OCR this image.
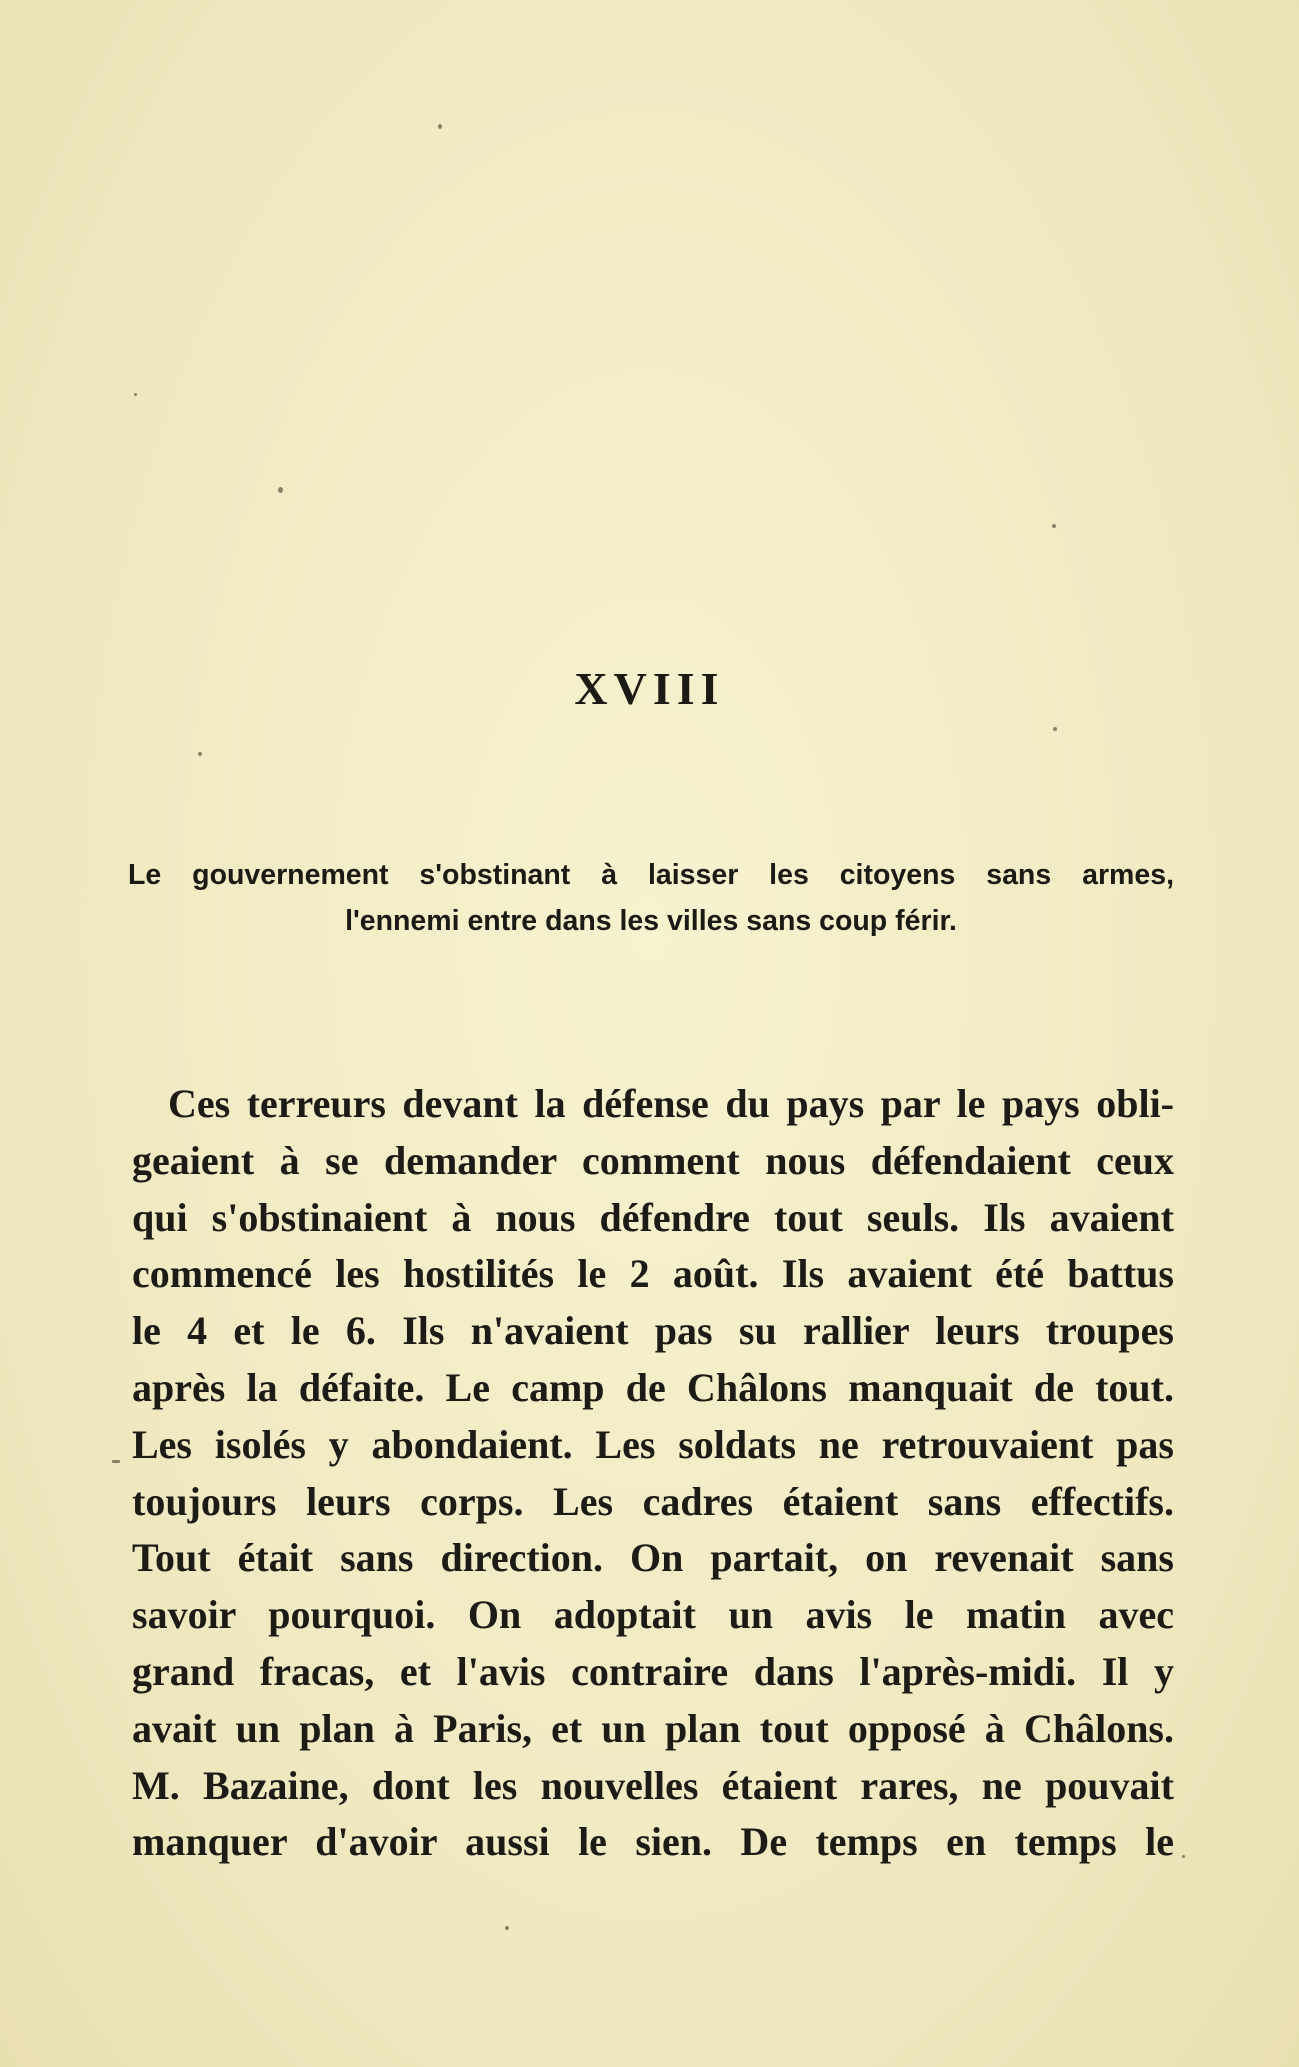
XVIII
Le gouvernement s'obstinant à laisser les citoyens sans armes,
l'ennemi entre dans les villes sans coup férir.
Ces terreurs devant la défense du pays par le pays obli-
geaient à se demander comment nous défendaient ceux
qui s'obstinaient à nous défendre tout seuls. Ils avaient
commencé les hostilités le 2 août. Ils avaient été battus
le 4 et le 6. Ils n'avaient pas su rallier leurs troupes
après la défaite. Le camp de Châlons manquait de tout.
Les isolés y abondaient. Les soldats ne retrouvaient pas
toujours leurs corps. Les cadres étaient sans effectifs.
Tout était sans direction. On partait, on revenait sans
savoir pourquoi. On adoptait un avis le matin avec
grand fracas, et l'avis contraire dans l'après-midi. Il y
avait un plan à Paris, et un plan tout opposé à Châlons.
M. Bazaine, dont les nouvelles étaient rares, ne pouvait
manquer d'avoir aussi le sien. De temps en temps le
